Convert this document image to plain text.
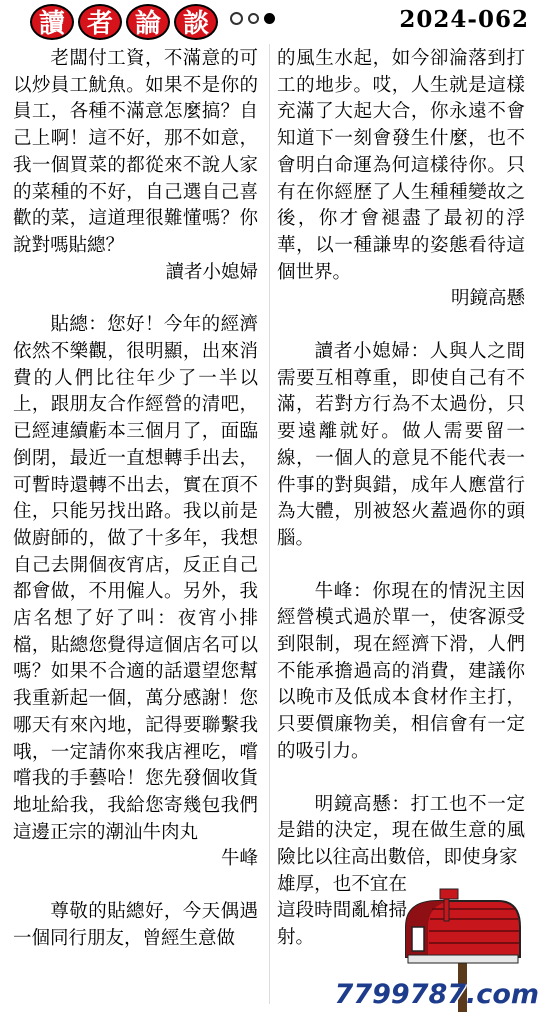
讀 者 論 談	2024-062

老闆付工資，不滿意的可以炒員工魷魚。如果不是你的員工，各種不滿意怎麼搞？自己上啊！這不好，那不如意，我一個買菜的都從來不說人家的菜種的不好，自己選自己喜歡的菜，這道理很難懂嗎？你說對嗎貼總？

讀者小媳婦

貼總：您好！今年的經濟依然不樂觀，很明顯，出來消費的人們比往年少了一半以上，跟朋友合作經營的清吧，已經連續虧本三個月了，面臨倒閉，最近一直想轉手出去，可暫時還轉不出去，實在頂不住，只能另找出路。我以前是做廚師的，做了十多年，我想自己去開個夜宵店，反正自己都會做，不用僱人。另外，我店名想了好了叫：夜宵小排檔，貼總您覺得這個店名可以嗎？如果不合適的話還望您幫我重新起一個，萬分感謝！您哪天有來內地，記得要聯繫我哦，一定請你來我店裡吃，嚐嚐我的手藝哈！您先發個收貨地址給我，我給您寄幾包我們這邊正宗的潮汕牛肉丸

牛峰

尊敬的貼總好，今天偶遇一個同行朋友，曾經生意做

的風生水起，如今卻淪落到打工的地步。哎，人生就是這樣充滿了大起大合，你永遠不會知道下一刻會發生什麼，也不會明白命運為何這樣待你。只有在你經歷了人生種種變故之後，你才會褪盡了最初的浮華，以一種謙卑的姿態看待這個世界。

明鏡高懸

讀者小媳婦：人與人之間需要互相尊重，即使自己有不滿，若對方行為不太過份，只要遠離就好。做人需要留一線，一個人的意見不能代表一件事的對與錯，成年人應當行為大體，別被怒火蓋過你的頭腦。

牛峰：你現在的情況主因經營模式過於單一，使客源受到限制，現在經濟下滑，人們不能承擔過高的消費，建議你以晚市及低成本食材作主打，只要價廉物美，相信會有一定的吸引力。

明鏡高懸：打工也不一定是錯的決定，現在做生意的風險比以往高出數倍，即使身家

雄厚，也不宜在這段時間亂槍掃射。

7799787.com
